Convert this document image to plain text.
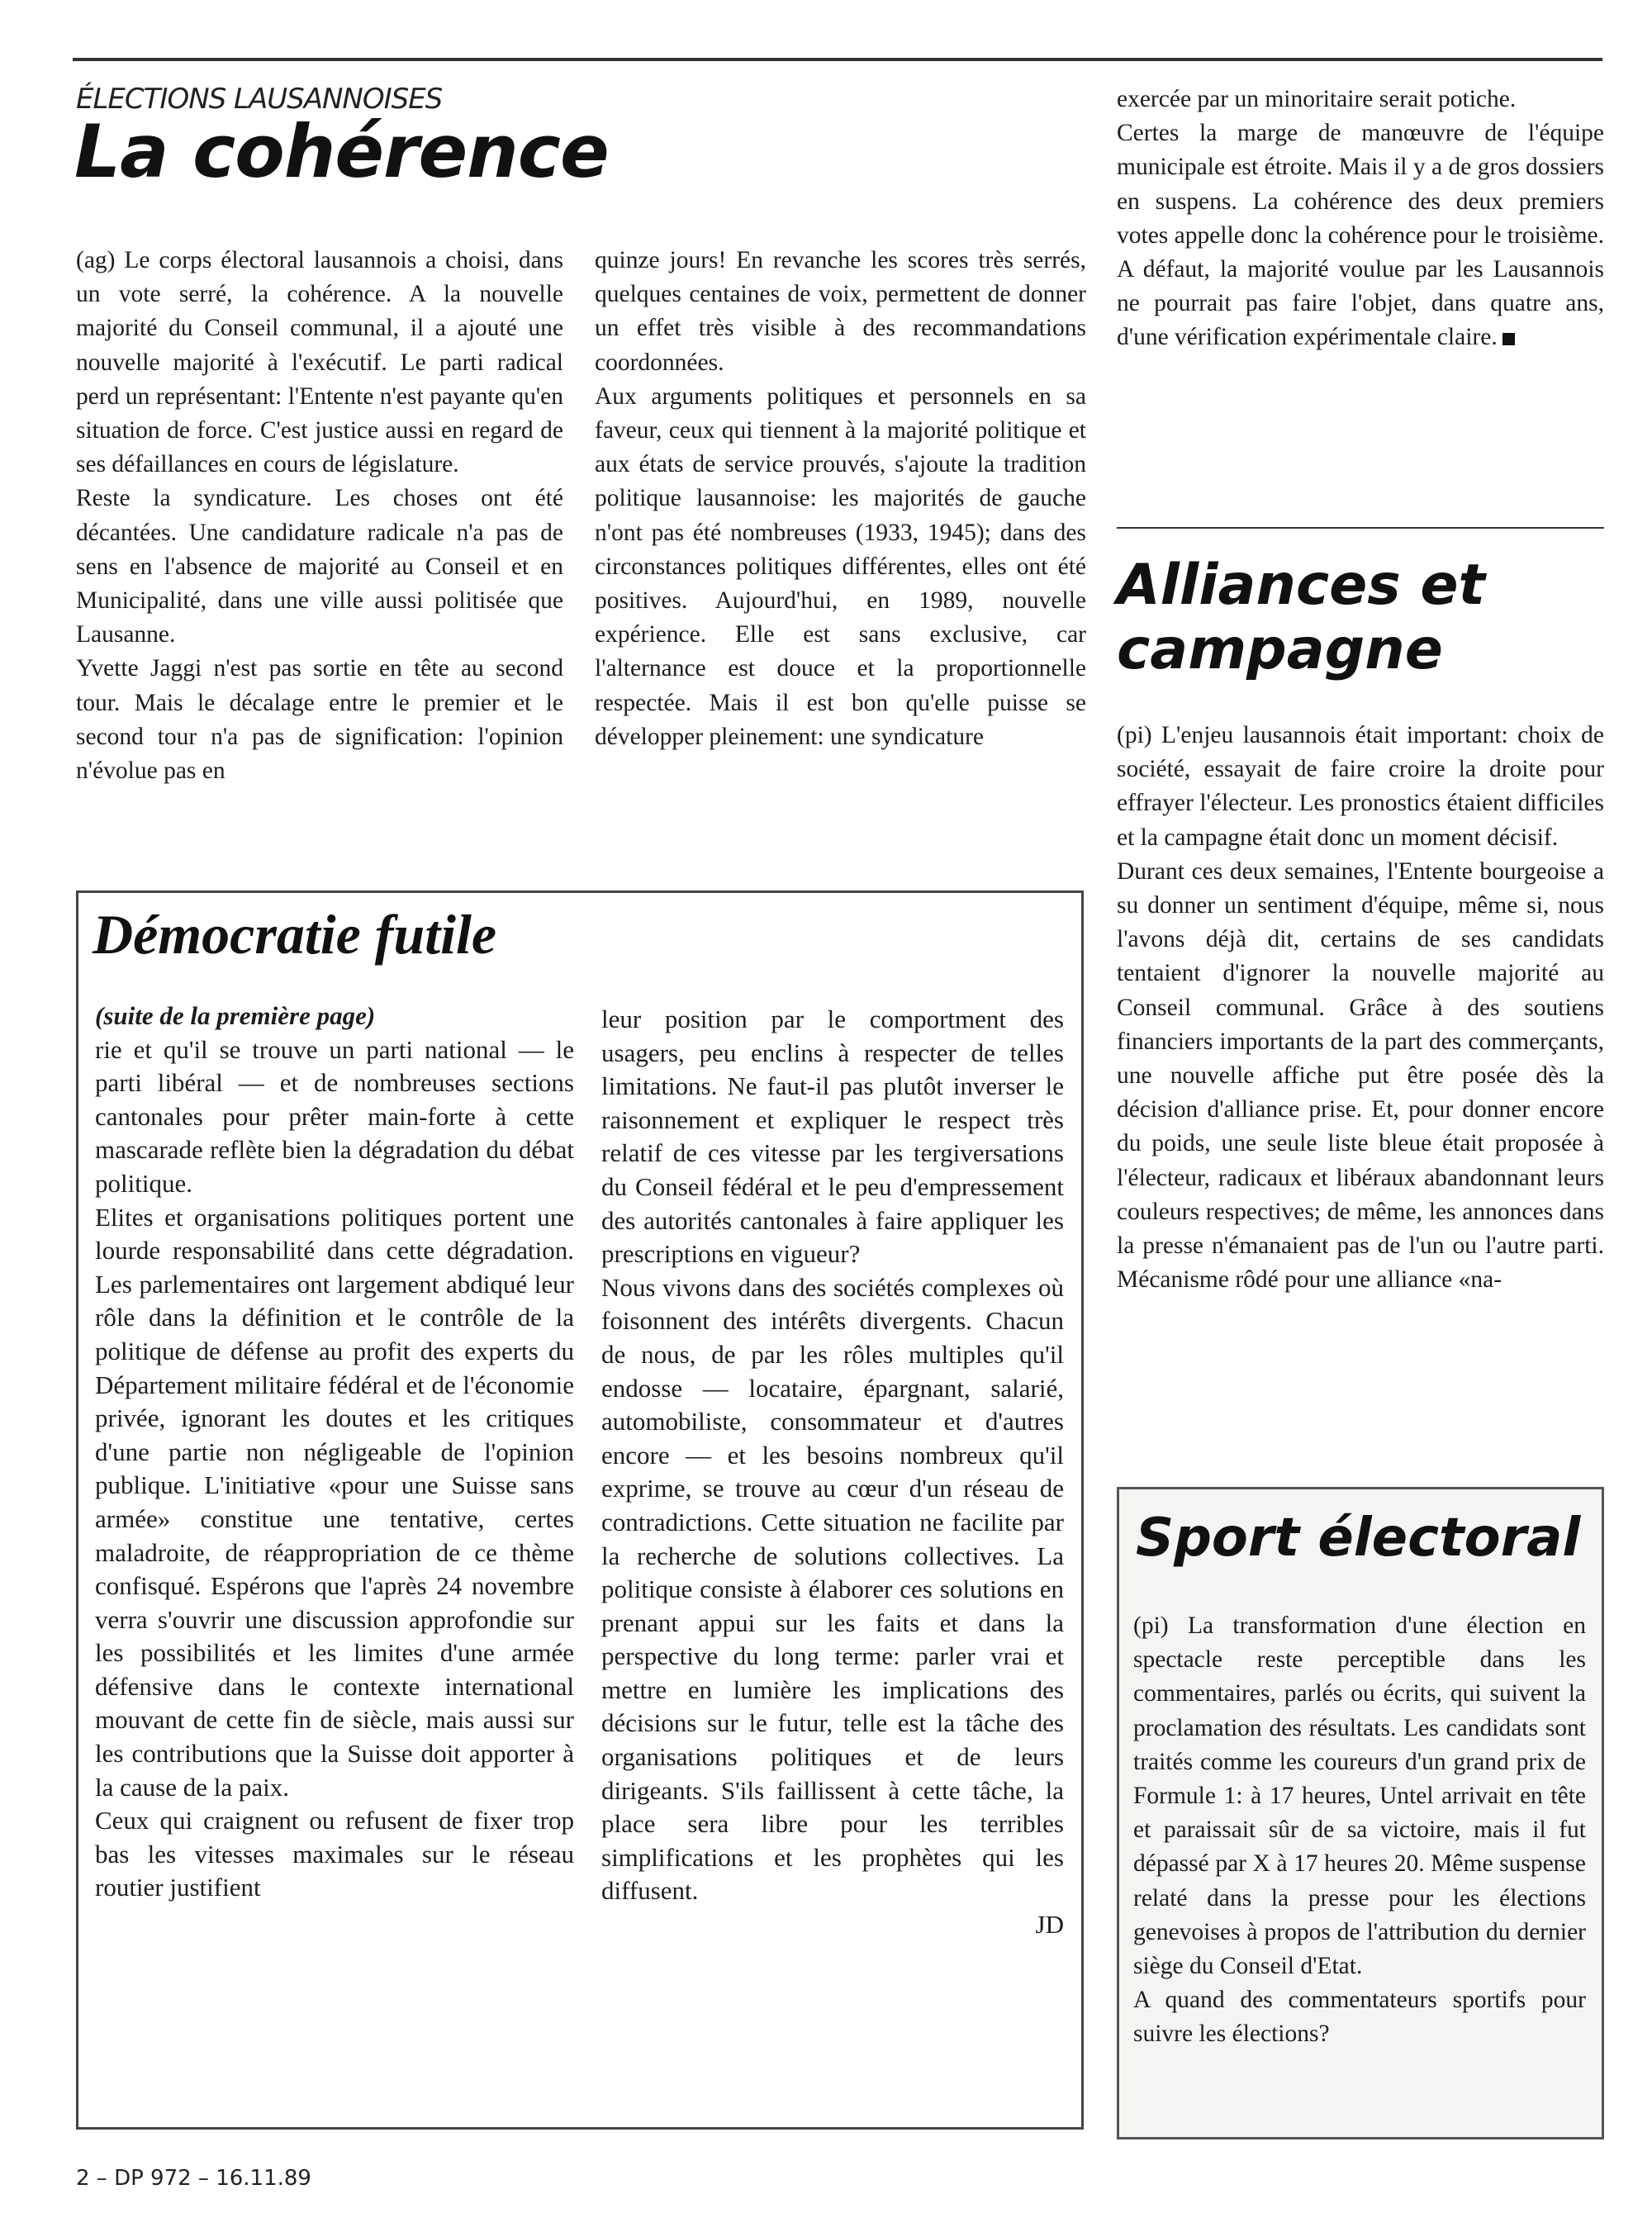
ÉLECTIONS LAUSANNOISES
La cohérence

(ag) Le corps électoral lausannois a choisi, dans un vote serré, la cohérence. A la nouvelle majorité du Conseil communal, il a ajouté une nouvelle majorité à l'exécutif. Le parti radical perd un représentant: l'Entente n'est payante qu'en situation de force. C'est justice aussi en regard de ses défaillances en cours de législature.

Reste la syndicature. Les choses ont été décantées. Une candidature radicale n'a pas de sens en l'absence de majorité au Conseil et en Municipalité, dans une ville aussi politisée que Lausanne.

Yvette Jaggi n'est pas sortie en tête au second tour. Mais le décalage entre le premier et le second tour n'a pas de signification: l'opinion n'évolue pas en

quinze jours! En revanche les scores très serrés, quelques centaines de voix, permettent de donner un effet très visible à des recommandations coordonnées.

Aux arguments politiques et personnels en sa faveur, ceux qui tiennent à la majorité politique et aux états de service prouvés, s'ajoute la tradition politique lausannoise: les majorités de gauche n'ont pas été nombreuses (1933, 1945); dans des circonstances politiques différentes, elles ont été positives. Aujourd'hui, en 1989, nouvelle expérience. Elle est sans exclusive, car l'alternance est douce et la proportionnelle respectée. Mais il est bon qu'elle puisse se développer pleinement: une syndicature

exercée par un minoritaire serait potiche.

Certes la marge de manœuvre de l'équipe municipale est étroite. Mais il y a de gros dossiers en suspens. La cohérence des deux premiers votes appelle donc la cohérence pour le troisième. A défaut, la majorité voulue par les Lausannois ne pourrait pas faire l'objet, dans quatre ans, d'une vérification expérimentale claire.

Alliances et campagne

(pi) L'enjeu lausannois était important: choix de société, essayait de faire croire la droite pour effrayer l'électeur. Les pronostics étaient difficiles et la campagne était donc un moment décisif.

Durant ces deux semaines, l'Entente bourgeoise a su donner un sentiment d'équipe, même si, nous l'avons déjà dit, certains de ses candidats tentaient d'ignorer la nouvelle majorité au Conseil communal. Grâce à des soutiens financiers importants de la part des commerçants, une nouvelle affiche put être posée dès la décision d'alliance prise. Et, pour donner encore du poids, une seule liste bleue était proposée à l'électeur, radicaux et libéraux abandonnant leurs couleurs respectives; de même, les annonces dans la presse n'émanaient pas de l'un ou l'autre parti. Mécanisme rôdé pour une alliance «na-

Démocratie futile

(suite de la première page)

rie et qu'il se trouve un parti national — le parti libéral — et de nombreuses sections cantonales pour prêter main-forte à cette mascarade reflète bien la dégradation du débat politique.

Elites et organisations politiques portent une lourde responsabilité dans cette dégradation. Les parlementaires ont largement abdiqué leur rôle dans la définition et le contrôle de la politique de défense au profit des experts du Département militaire fédéral et de l'économie privée, ignorant les doutes et les critiques d'une partie non négligeable de l'opinion publique. L'initiative «pour une Suisse sans armée» constitue une tentative, certes maladroite, de réappropriation de ce thème confisqué. Espérons que l'après 24 novembre verra s'ouvrir une discussion approfondie sur les possibilités et les limites d'une armée défensive dans le contexte international mouvant de cette fin de siècle, mais aussi sur les contributions que la Suisse doit apporter à la cause de la paix.

Ceux qui craignent ou refusent de fixer trop bas les vitesses maximales sur le réseau routier justifient

leur position par le comportment des usagers, peu enclins à respecter de telles limitations. Ne faut-il pas plutôt inverser le raisonnement et expliquer le respect très relatif de ces vitesse par les tergiversations du Conseil fédéral et le peu d'empressement des autorités cantonales à faire appliquer les prescriptions en vigueur?

Nous vivons dans des sociétés complexes où foisonnent des intérêts divergents. Chacun de nous, de par les rôles multiples qu'il endosse — locataire, épargnant, salarié, automobiliste, consommateur et d'autres encore — et les besoins nombreux qu'il exprime, se trouve au cœur d'un réseau de contradictions. Cette situation ne facilite par la recherche de solutions collectives. La politique consiste à élaborer ces solutions en prenant appui sur les faits et dans la perspective du long terme: parler vrai et mettre en lumière les implications des décisions sur le futur, telle est la tâche des organisations politiques et de leurs dirigeants. S'ils faillissent à cette tâche, la place sera libre pour les terribles simplifications et les prophètes qui les diffusent.

JD
Sport électoral

(pi) La transformation d'une élection en spectacle reste perceptible dans les commentaires, parlés ou écrits, qui suivent la proclamation des résultats. Les candidats sont traités comme les coureurs d'un grand prix de Formule 1: à 17 heures, Untel arrivait en tête et paraissait sûr de sa victoire, mais il fut dépassé par X à 17 heures 20. Même suspense relaté dans la presse pour les élections genevoises à propos de l'attribution du dernier siège du Conseil d'Etat.

A quand des commentateurs sportifs pour suivre les élections?

2 – DP 972 – 16.11.89
